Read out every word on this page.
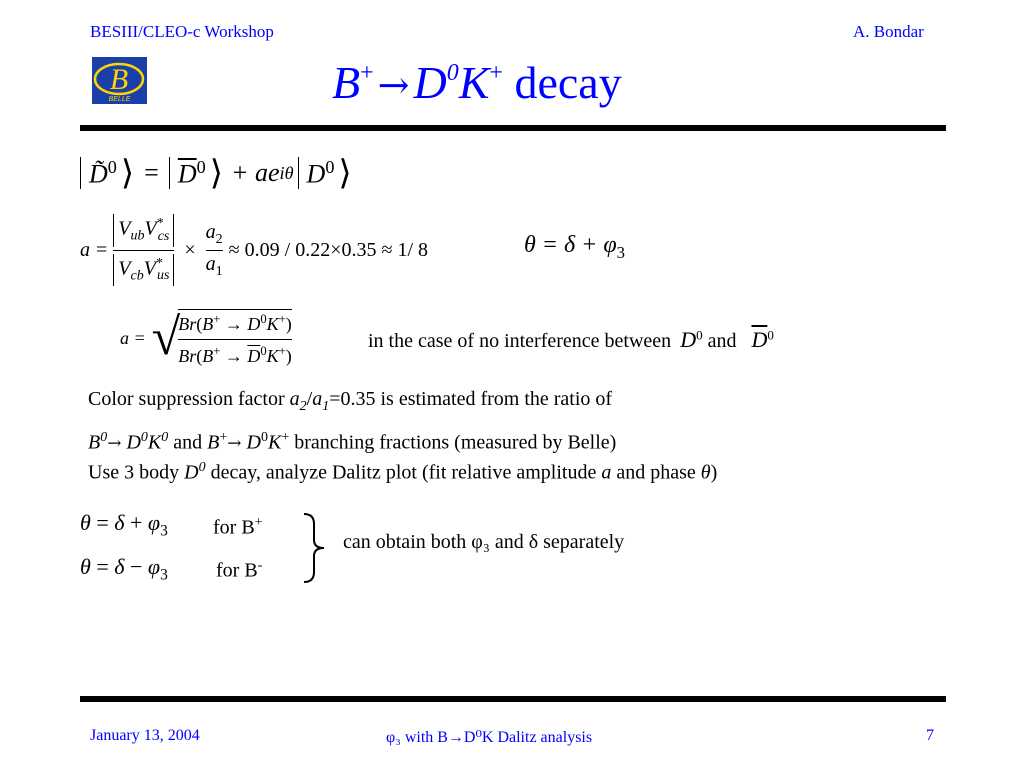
BESIII/CLEO-c Workshop	A. Bondar
B
BELLE	$B^+ \to D^0K^+$ decay
D̃$^0$ ⟩ = $\overline{D}^0$ ⟩ + ae iθ $D^0$ ⟩
$a = \frac{V_{ub}V^*_{cs}}{V_{cb}V^*_{us}} \times \frac{a_2}{a_1} \approx 0.09 / 0.22\times 0.35 \approx 1/$ 8	$\theta = \delta + \varphi_3$
a = √
$\frac{Br(B^+ \to D^0K^+)}{Br(B^+ \to \overline{D}^0K^+)}$	in the case of no interference between $D^0$ and $\overline{D}^0$
Color suppression factor $a_2/a_1=0.35$ is estimated from the ratio of
$B^0\to D^0K^0$ and $B^+\to D^0K^+$ branching fractions (measured by Belle)
Use 3 body $D^0$ decay, analyze Dalitz plot (fit relative amplitude a and phase θ)
$\theta = \delta + \varphi_3$ for B+
$\theta = \delta - \varphi_3$ for B-
can obtain both φ₃ and δ separately
January 13, 2004	φ₃ with B→D⁰K Dalitz analysis	7
